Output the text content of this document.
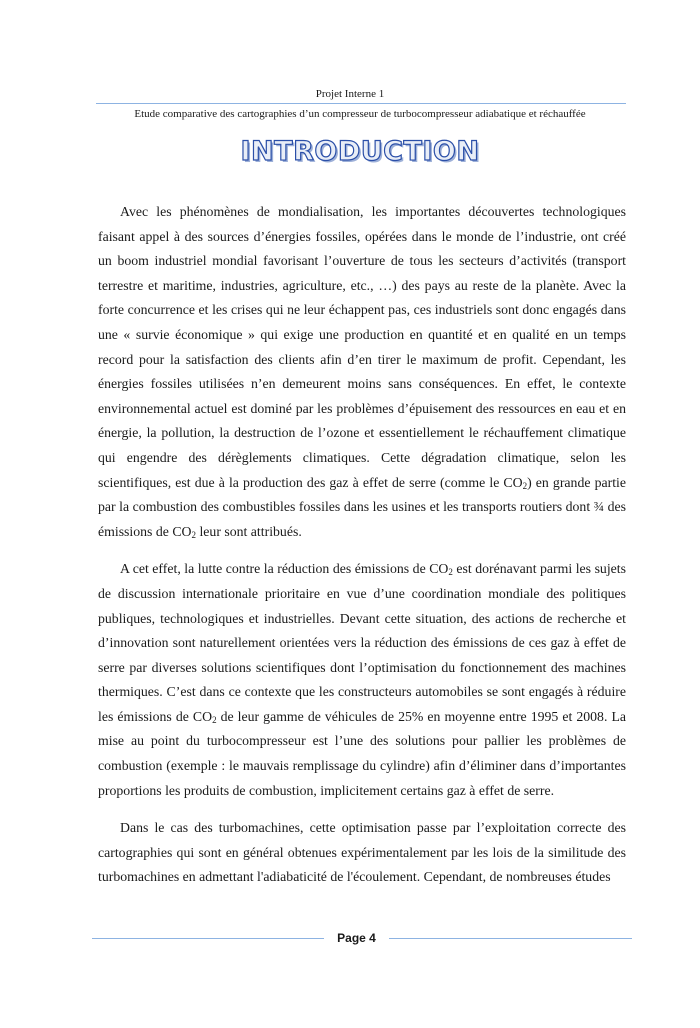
Projet Interne 1
Etude comparative des cartographies d’un compresseur de turbocompresseur adiabatique et réchauffée
INTRODUCTION

Avec les phénomènes de mondialisation, les importantes découvertes technologiques faisant appel à des sources d’énergies fossiles, opérées dans le monde de l’industrie, ont créé un boom industriel mondial favorisant l’ouverture de tous les secteurs d’activités (transport terrestre et maritime, industries, agriculture, etc., …) des pays au reste de la planète. Avec la forte concurrence et les crises qui ne leur échappent pas, ces industriels sont donc engagés dans une « survie économique » qui exige une production en quantité et en qualité en un temps record pour la satisfaction des clients afin d’en tirer le maximum de profit. Cependant, les énergies fossiles utilisées n’en demeurent moins sans conséquences. En effet, le contexte environnemental actuel est dominé par les problèmes d’épuisement des ressources en eau et en énergie, la pollution, la destruction de l’ozone et essentiellement le réchauffement climatique qui engendre des dérèglements climatiques. Cette dégradation climatique, selon les scientifiques, est due à la production des gaz à effet de serre (comme le $CO_2$) en grande partie par la combustion des combustibles fossiles dans les usines et les transports routiers dont ¾ des émissions de $CO_2$ leur sont attribués.

A cet effet, la lutte contre la réduction des émissions de $CO_2$ est dorénavant parmi les sujets de discussion internationale prioritaire en vue d’une coordination mondiale des politiques publiques, technologiques et industrielles. Devant cette situation, des actions de recherche et d’innovation sont naturellement orientées vers la réduction des émissions de ces gaz à effet de serre par diverses solutions scientifiques dont l’optimisation du fonctionnement des machines thermiques. C’est dans ce contexte que les constructeurs automobiles se sont engagés à réduire les émissions de $CO_2$ de leur gamme de véhicules de 25% en moyenne entre 1995 et 2008. La mise au point du turbocompresseur est l’une des solutions pour pallier les problèmes de combustion (exemple : le mauvais remplissage du cylindre) afin d’éliminer dans d’importantes proportions les produits de combustion, implicitement certains gaz à effet de serre.

Dans le cas des turbomachines, cette optimisation passe par l’exploitation correcte des cartographies qui sont en général obtenues expérimentalement par les lois de la similitude des turbomachines en admettant l'adiabaticité de l'écoulement. Cependant, de nombreuses études

Page 4
